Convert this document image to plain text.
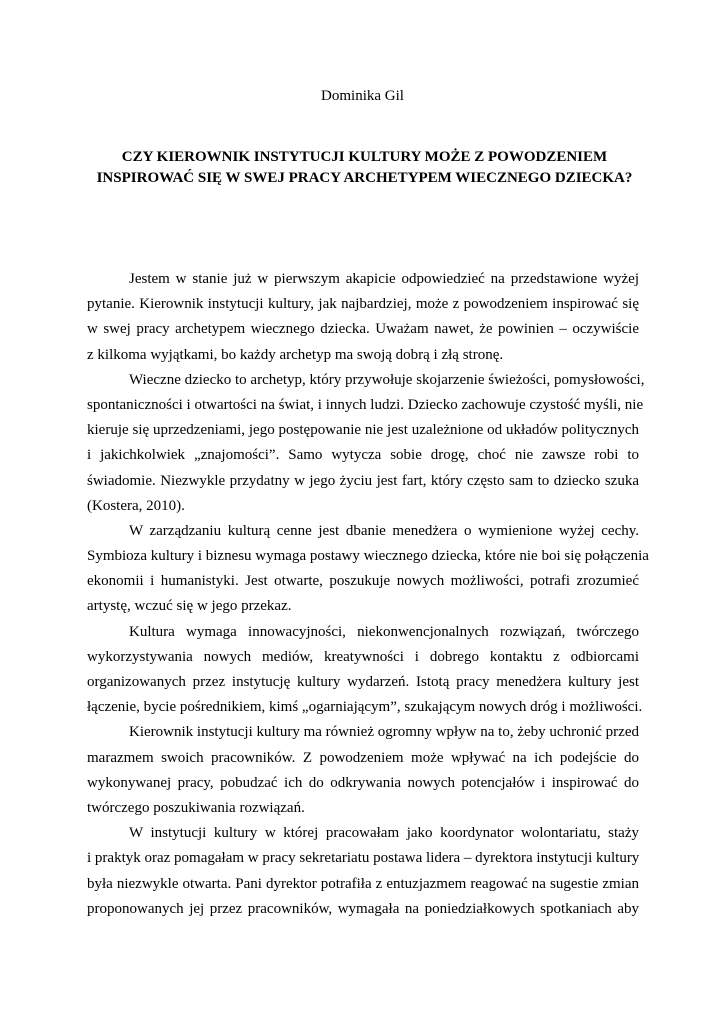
Dominika Gil
CZY KIEROWNIK INSTYTUCJI KULTURY MOŻE Z POWODZENIEM
INSPIROWAĆ SIĘ W SWEJ PRACY ARCHETYPEM WIECZNEGO DZIECKA?
Jestem w stanie już w pierwszym akapicie odpowiedzieć na przedstawione wyżej
pytanie. Kierownik instytucji kultury, jak najbardziej, może z powodzeniem inspirować się
w swej pracy archetypem wiecznego dziecka. Uważam nawet, że powinien – oczywiście
z kilkoma wyjątkami, bo każdy archetyp ma swoją dobrą i złą stronę.
Wieczne dziecko to archetyp, który przywołuje skojarzenie świeżości, pomysłowości,
spontaniczności i otwartości na świat, i innych ludzi. Dziecko zachowuje czystość myśli, nie
kieruje się uprzedzeniami, jego postępowanie nie jest uzależnione od układów politycznych
i jakichkolwiek „znajomości”. Samo wytycza sobie drogę, choć nie zawsze robi to
świadomie. Niezwykle przydatny w jego życiu jest fart, który często sam to dziecko szuka
(Kostera, 2010).
W zarządzaniu kulturą cenne jest dbanie menedżera o wymienione wyżej cechy.
Symbioza kultury i biznesu wymaga postawy wiecznego dziecka, które nie boi się połączenia
ekonomii i humanistyki. Jest otwarte, poszukuje nowych możliwości, potrafi zrozumieć
artystę, wczuć się w jego przekaz.
Kultura wymaga innowacyjności, niekonwencjonalnych rozwiązań, twórczego
wykorzystywania nowych mediów, kreatywności i dobrego kontaktu z odbiorcami
organizowanych przez instytucję kultury wydarzeń. Istotą pracy menedżera kultury jest
łączenie, bycie pośrednikiem, kimś „ogarniającym”, szukającym nowych dróg i możliwości.
Kierownik instytucji kultury ma również ogromny wpływ na to, żeby uchronić przed
marazmem swoich pracowników. Z powodzeniem może wpływać na ich podejście do
wykonywanej pracy, pobudzać ich do odkrywania nowych potencjałów i inspirować do
twórczego poszukiwania rozwiązań.
W instytucji kultury w której pracowałam jako koordynator wolontariatu, staży
i praktyk oraz pomagałam w pracy sekretariatu postawa lidera – dyrektora instytucji kultury
była niezwykle otwarta. Pani dyrektor potrafiła z entuzjazmem reagować na sugestie zmian
proponowanych jej przez pracowników, wymagała na poniedziałkowych spotkaniach aby
